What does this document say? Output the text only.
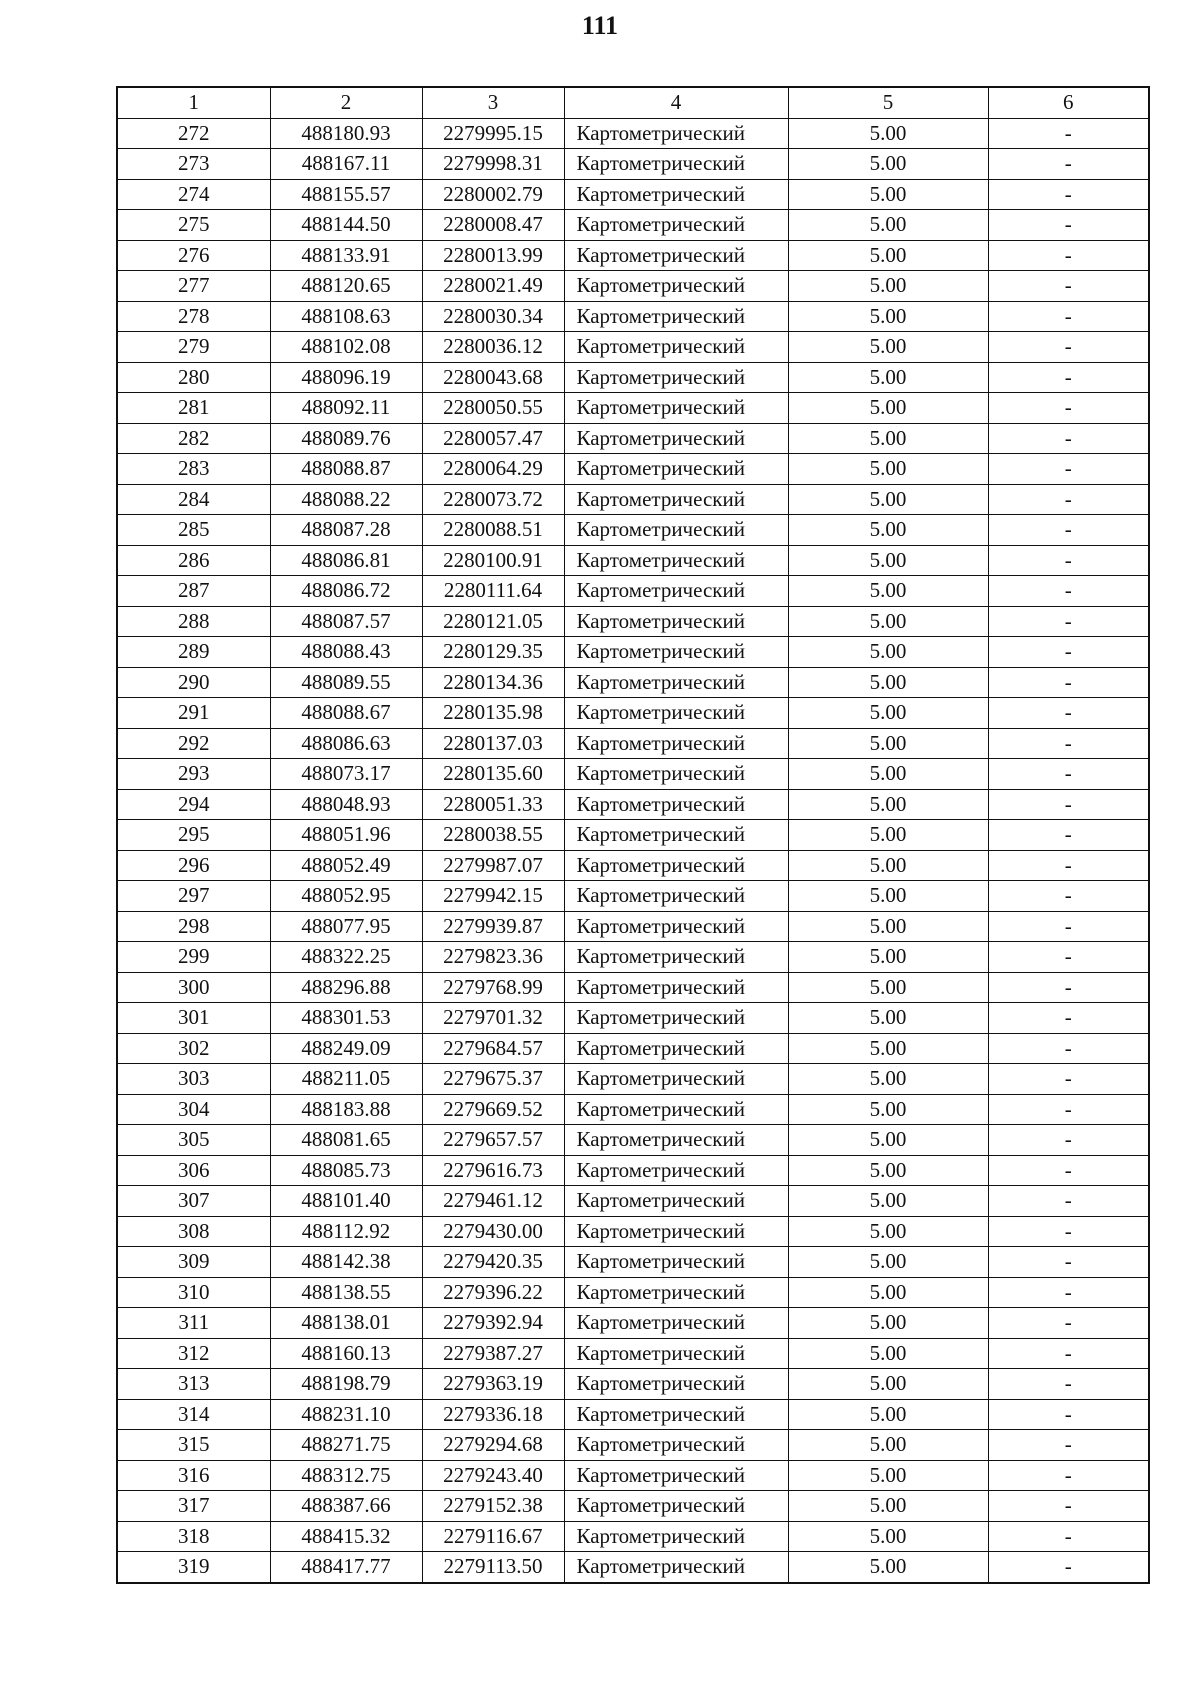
111
1	2	3	4	5	6
272	488180.93	2279995.15	Картометрический	5.00	-
273	488167.11	2279998.31	Картометрический	5.00	-
274	488155.57	2280002.79	Картометрический	5.00	-
275	488144.50	2280008.47	Картометрический	5.00	-
276	488133.91	2280013.99	Картометрический	5.00	-
277	488120.65	2280021.49	Картометрический	5.00	-
278	488108.63	2280030.34	Картометрический	5.00	-
279	488102.08	2280036.12	Картометрический	5.00	-
280	488096.19	2280043.68	Картометрический	5.00	-
281	488092.11	2280050.55	Картометрический	5.00	-
282	488089.76	2280057.47	Картометрический	5.00	-
283	488088.87	2280064.29	Картометрический	5.00	-
284	488088.22	2280073.72	Картометрический	5.00	-
285	488087.28	2280088.51	Картометрический	5.00	-
286	488086.81	2280100.91	Картометрический	5.00	-
287	488086.72	2280111.64	Картометрический	5.00	-
288	488087.57	2280121.05	Картометрический	5.00	-
289	488088.43	2280129.35	Картометрический	5.00	-
290	488089.55	2280134.36	Картометрический	5.00	-
291	488088.67	2280135.98	Картометрический	5.00	-
292	488086.63	2280137.03	Картометрический	5.00	-
293	488073.17	2280135.60	Картометрический	5.00	-
294	488048.93	2280051.33	Картометрический	5.00	-
295	488051.96	2280038.55	Картометрический	5.00	-
296	488052.49	2279987.07	Картометрический	5.00	-
297	488052.95	2279942.15	Картометрический	5.00	-
298	488077.95	2279939.87	Картометрический	5.00	-
299	488322.25	2279823.36	Картометрический	5.00	-
300	488296.88	2279768.99	Картометрический	5.00	-
301	488301.53	2279701.32	Картометрический	5.00	-
302	488249.09	2279684.57	Картометрический	5.00	-
303	488211.05	2279675.37	Картометрический	5.00	-
304	488183.88	2279669.52	Картометрический	5.00	-
305	488081.65	2279657.57	Картометрический	5.00	-
306	488085.73	2279616.73	Картометрический	5.00	-
307	488101.40	2279461.12	Картометрический	5.00	-
308	488112.92	2279430.00	Картометрический	5.00	-
309	488142.38	2279420.35	Картометрический	5.00	-
310	488138.55	2279396.22	Картометрический	5.00	-
311	488138.01	2279392.94	Картометрический	5.00	-
312	488160.13	2279387.27	Картометрический	5.00	-
313	488198.79	2279363.19	Картометрический	5.00	-
314	488231.10	2279336.18	Картометрический	5.00	-
315	488271.75	2279294.68	Картометрический	5.00	-
316	488312.75	2279243.40	Картометрический	5.00	-
317	488387.66	2279152.38	Картометрический	5.00	-
318	488415.32	2279116.67	Картометрический	5.00	-
319	488417.77	2279113.50	Картометрический	5.00	-
